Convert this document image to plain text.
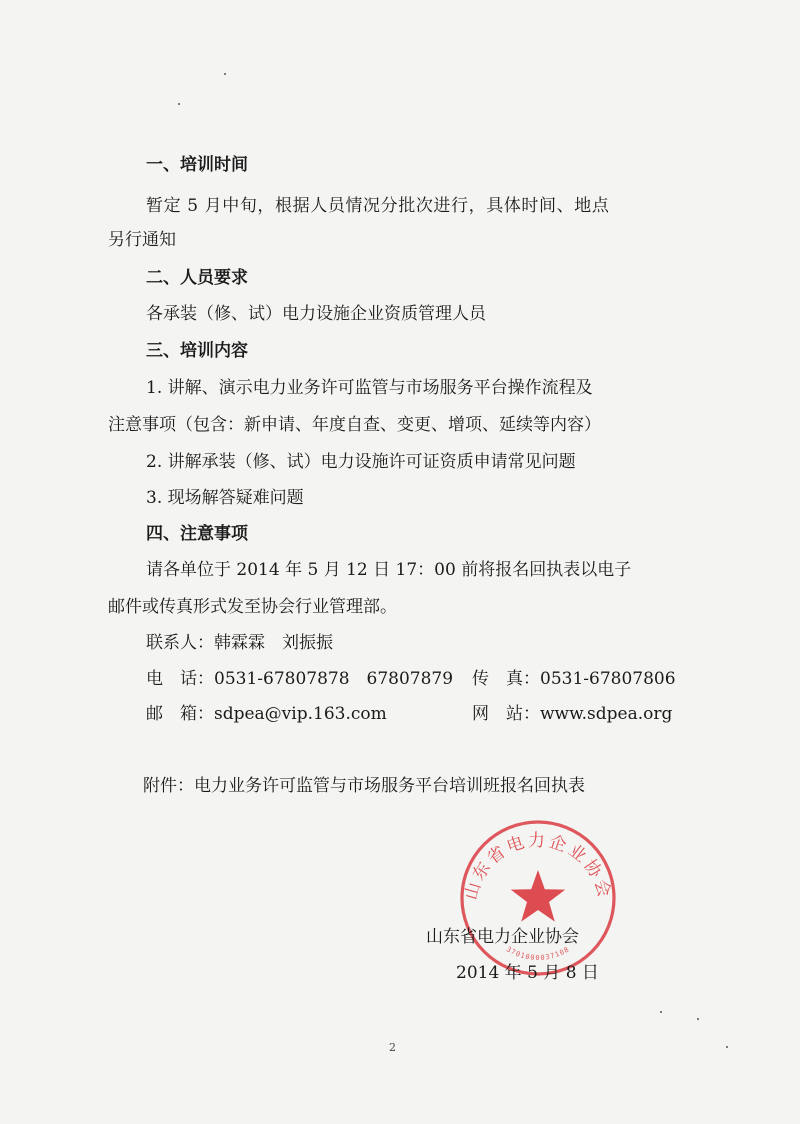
一、培训时间
暂定 5 月中旬，根据人员情况分批次进行，具体时间、地点
另行通知
二、人员要求
各承装（修、试）电力设施企业资质管理人员
三、培训内容
1. 讲解、演示电力业务许可监管与市场服务平台操作流程及
注意事项（包含：新申请、年度自查、变更、增项、延续等内容）
2. 讲解承装（修、试）电力设施许可证资质申请常见问题
3. 现场解答疑难问题
四、注意事项
请各单位于 2014 年 5 月 12 日 17：00 前将报名回执表以电子
邮件或传真形式发至协会行业管理部。
联系人：韩霖霖　刘振振
电　话：0531-67807878　67807879 传　真：0531-67807806
邮　箱：sdpea@vip.163.com	网　站：www.sdpea.org
附件：电力业务许可监管与市场服务平台培训班报名回执表
山东省电力企业协会
3701000037108
山东省电力企业协会
2014 年 5 月 8 日
2
